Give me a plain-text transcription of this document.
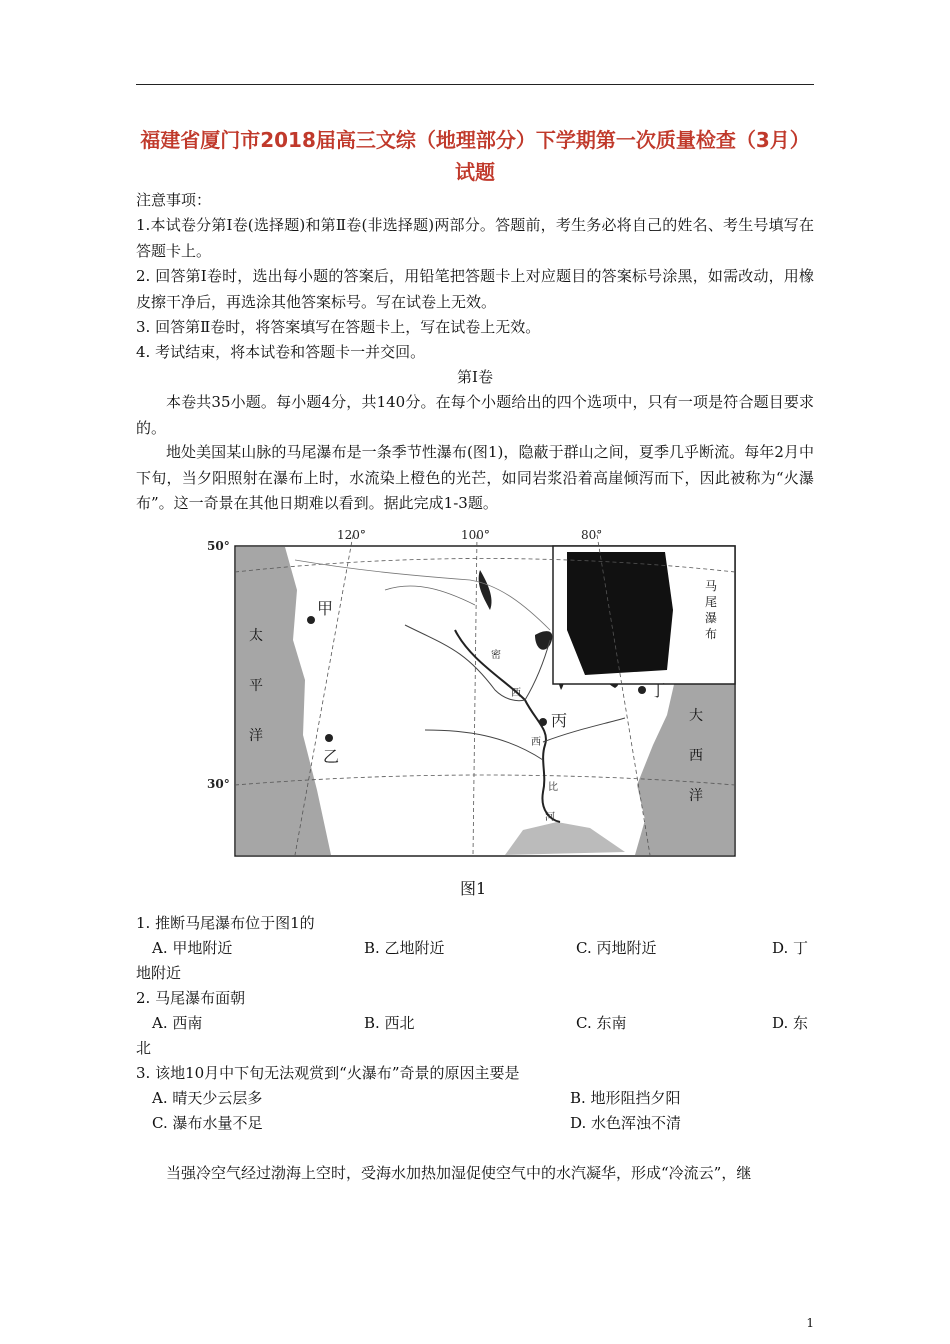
福建省厦门市2018届高三文综（地理部分）下学期第一次质量检查（3月）试题
注意事项：
1.本试卷分第Ⅰ卷(选择题)和第Ⅱ卷(非选择题)两部分。答题前，考生务必将自己的姓名、考生号填写在答题卡上。
2. 回答第Ⅰ卷时，选出每小题的答案后，用铅笔把答题卡上对应题目的答案标号涂黑，如需改动，用橡皮擦干净后，再选涂其他答案标号。写在试卷上无效。
3. 回答第Ⅱ卷时，将答案填写在答题卡上，写在试卷上无效。
4. 考试结束，将本试卷和答题卡一并交回。
第Ⅰ卷
本卷共35小题。每小题4分，共140分。在每个小题给出的四个选项中，只有一项是符合题目要求的。
地处美国某山脉的马尾瀑布是一条季节性瀑布(图1)，隐蔽于群山之间，夏季几乎断流。每年2月中下旬，当夕阳照射在瀑布上时，水流染上橙色的光芒，如同岩浆沿着高崖倾泻而下，因此被称为“火瀑布”。这一奇景在其他日期难以看到。据此完成1-3题。
120°	100°	80°
50°
30°
甲
乙
丙
丁
太
平
洋
大
西
洋
密
西
西
比
河
马
尾
瀑
布
图1
1. 推断马尾瀑布位于图1的
A. 甲地附近	B. 乙地附近	C. 丙地附近	D. 丁
地附近
2. 马尾瀑布面朝
A. 西南	B. 西北	C. 东南	D. 东
北
3. 该地10月中下旬无法观赏到“火瀑布”奇景的原因主要是
A. 晴天少云层多	B. 地形阻挡夕阳
C. 瀑布水量不足	D. 水色浑浊不清
当强冷空气经过渤海上空时，受海水加热加湿促使空气中的水汽凝华，形成“冷流云”，继
1
